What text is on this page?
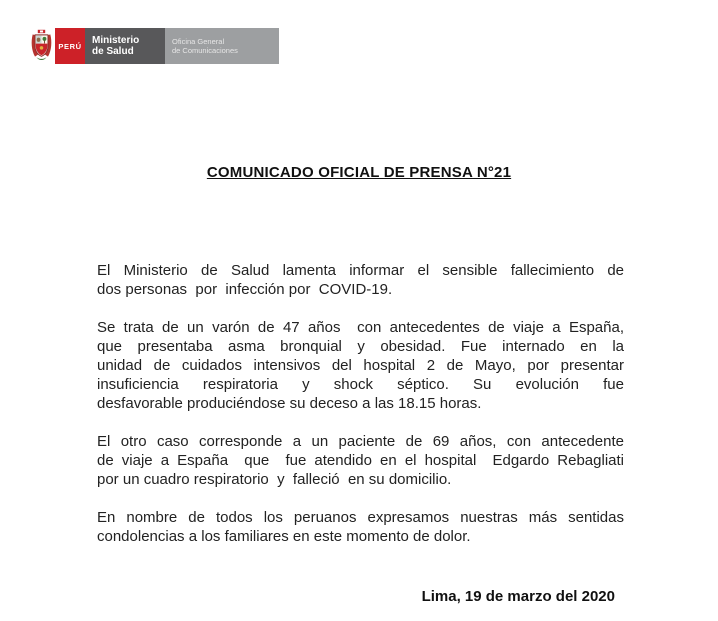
PERÚ
Ministerio
de Salud
Oficina General
de Comunicaciones
COMUNICADO OFICIAL DE PRENSA N°21
El Ministerio de Salud lamenta informar el sensible fallecimiento de
dos personas  por  infección por  COVID-19.
Se trata de un varón de 47 años  con antecedentes de viaje a España,
que presentaba asma bronquial y obesidad. Fue internado en la
unidad de cuidados intensivos del hospital 2 de Mayo, por presentar
insuficiencia respiratoria y shock séptico. Su evolución fue
desfavorable produciéndose su deceso a las 18.15 horas.
El otro caso corresponde a un paciente de 69 años, con antecedente
de viaje a España  que  fue atendido en el hospital  Edgardo Rebagliati
por un cuadro respiratorio  y  falleció  en su domicilio.
En nombre de todos los peruanos expresamos nuestras más sentidas
condolencias a los familiares en este momento de dolor.
Lima, 19 de marzo del 2020
